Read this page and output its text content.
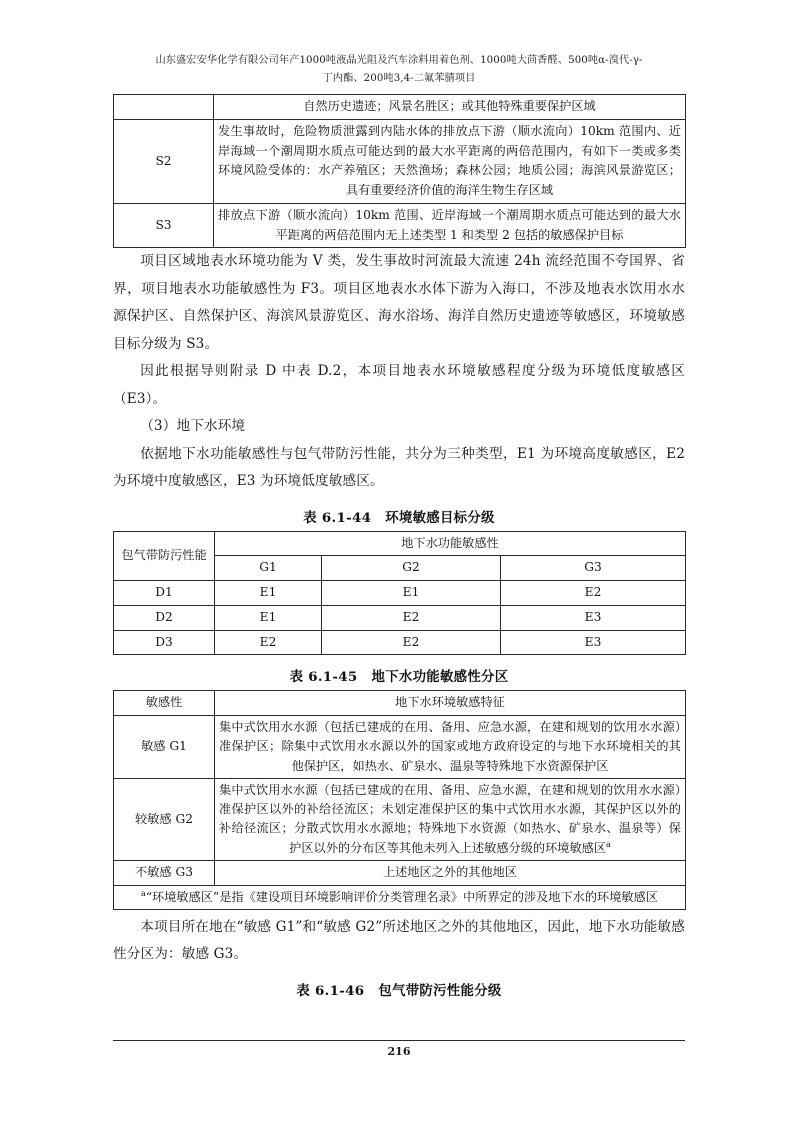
山东盛宏安华化学有限公司年产1000吨液晶光阻及汽车涂料用着色剂、1000吨大茴香醛、500吨α-溴代-γ-
丁内酯、200吨3,4-二氟苯腈项目
	自然历史遗迹；风景名胜区；或其他特殊重要保护区域
S2	发生事故时，危险物质泄露到内陆水体的排放点下游（顺水流向）10km 范围内、近岸海域一个潮周期水质点可能达到的最大水平距离的两倍范围内，有如下一类或多类环境风险受体的：水产养殖区；天然渔场；森林公园；地质公园；海滨风景游览区；具有重要经济价值的海洋生物生存区域
S3	排放点下游（顺水流向）10km 范围、近岸海域一个潮周期水质点可能达到的最大水平距离的两倍范围内无上述类型 1 和类型 2 包括的敏感保护目标

项目区域地表水环境功能为 V 类，发生事故时河流最大流速 24h 流经范围不夸国界、省界，项目地表水功能敏感性为 F3。项目区地表水水体下游为入海口，不涉及地表水饮用水水源保护区、自然保护区、海滨风景游览区、海水浴场、海洋自然历史遗迹等敏感区，环境敏感目标分级为 S3。

因此根据导则附录 D 中表 D.2，本项目地表水环境敏感程度分级为环境低度敏感区（E3）。

（3）地下水环境

依据地下水功能敏感性与包气带防污性能，共分为三种类型，E1 为环境高度敏感区，E2 为环境中度敏感区，E3 为环境低度敏感区。

表 6.1-44 环境敏感目标分级
包气带防污性能	地下水功能敏感性		
	G1	G2	G3
D1	E1	E1	E2
D2	E1	E2	E3
D3	E2	E2	E3
表 6.1-45 地下水功能敏感性分区
敏感性	地下水环境敏感特征
敏感 G1	集中式饮用水水源（包括已建成的在用、备用、应急水源，在建和规划的饮用水水源）准保护区；除集中式饮用水水源以外的国家或地方政府设定的与地下水环境相关的其他保护区，如热水、矿泉水、温泉等特殊地下水资源保护区
较敏感 G2	集中式饮用水水源（包括已建成的在用、备用、应急水源，在建和规划的饮用水水源）准保护区以外的补给径流区；未划定准保护区的集中式饮用水水源，其保护区以外的补给径流区；分散式饮用水水源地；特殊地下水资源（如热水、矿泉水、温泉等）保护区以外的分布区等其他未列入上述敏感分级的环境敏感区$^a$
不敏感 G3	上述地区之外的其他地区
$^a$“环境敏感区”是指《建设项目环境影响评价分类管理名录》中所界定的涉及地下水的环境敏感区	

本项目所在地在“敏感 G1”和“敏感 G2”所述地区之外的其他地区，因此，地下水功能敏感性分区为：敏感 G3。

表 6.1-46 包气带防污性能分级
216
